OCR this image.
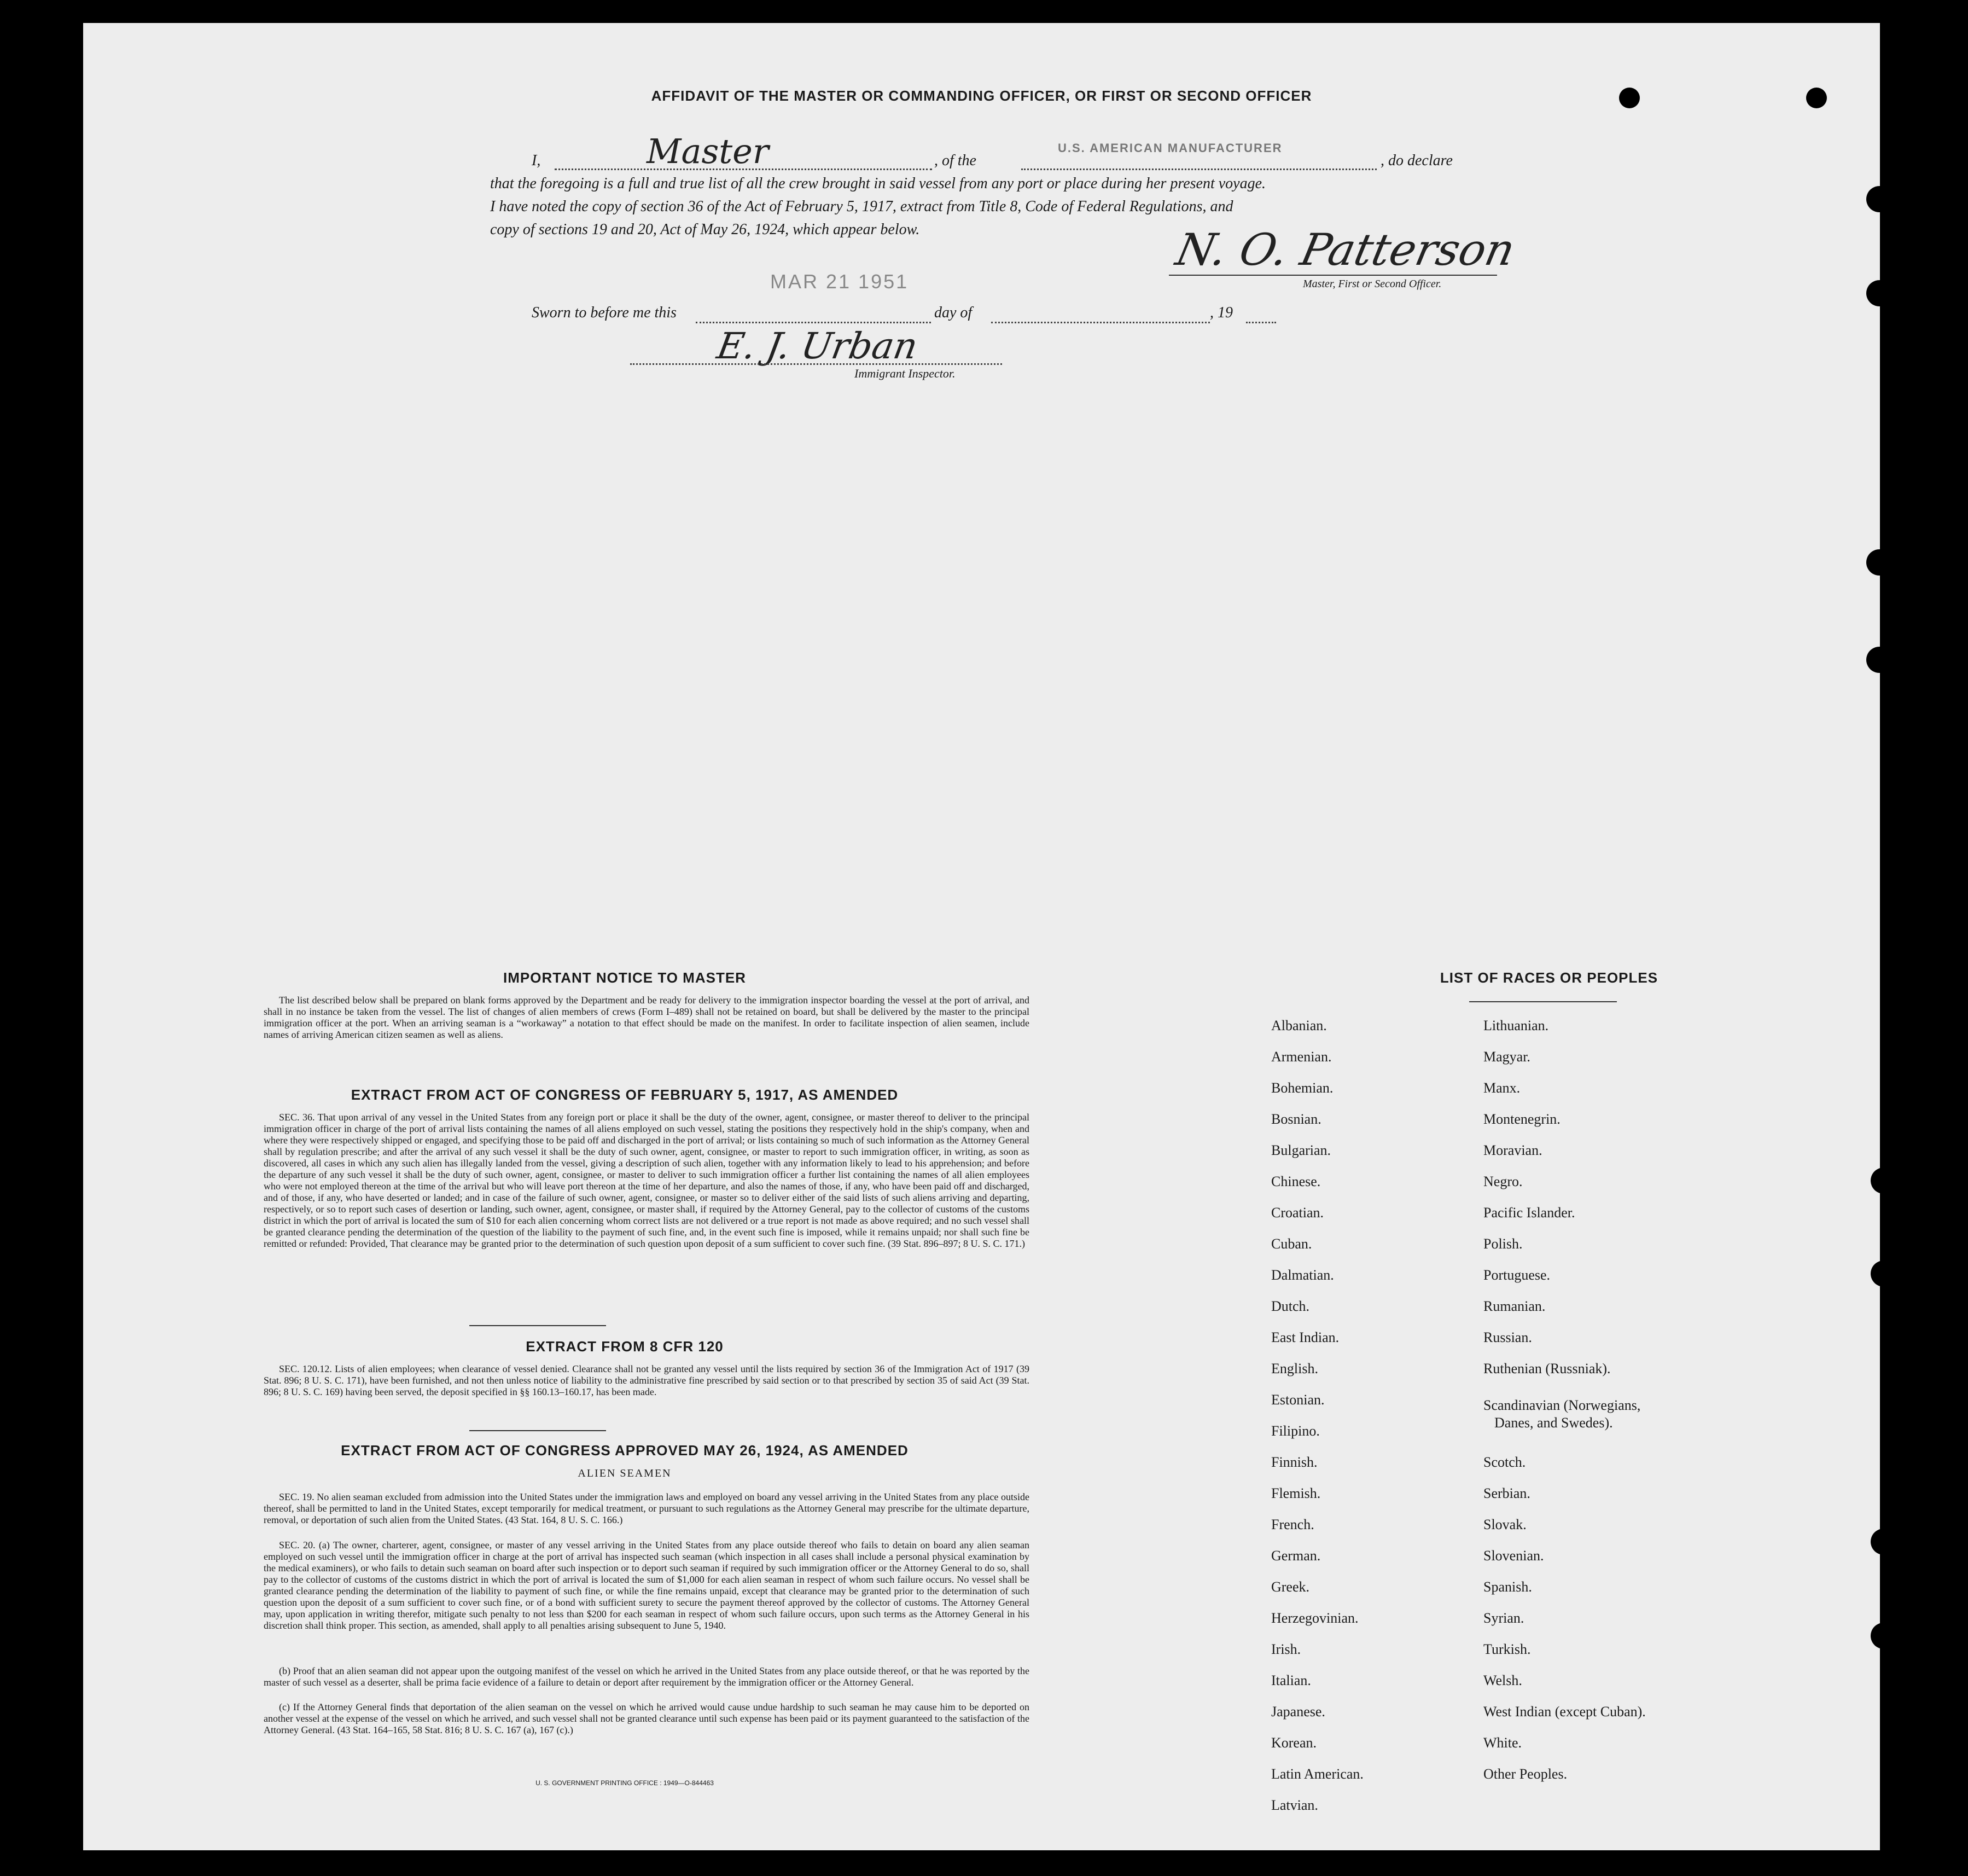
AFFIDAVIT OF THE MASTER OR COMMANDING OFFICER, OR FIRST OR SECOND OFFICER
I,	Master	, of the
U.S. AMERICAN MANUFACTURER
, do declare
that the foregoing is a full and true list of all the crew brought in said vessel from any port or place during her present voyage.
I have noted the copy of section 36 of the Act of February 5, 1917, extract from Title 8, Code of Federal Regulations, and
copy of sections 19 and 20, Act of May 26, 1924, which appear below.	N. O. Patterson
Master, First or Second Officer.
Sworn to before me this
MAR 21 1951
day of	, 19
E. J. Urban
Immigrant Inspector.
IMPORTANT NOTICE TO MASTER
The list described below shall be prepared on blank forms approved by the Department and be ready for delivery to the immigration inspector boarding the vessel at the port of arrival, and shall in no instance be taken from the vessel. The list of changes of alien members of crews (Form I–489) shall not be retained on board, but shall be delivered by the master to the principal immigration officer at the port. When an arriving seaman is a “workaway” a notation to that effect should be made on the manifest. In order to facilitate inspection of alien seamen, include names of arriving American citizen seamen as well as aliens.
EXTRACT FROM ACT OF CONGRESS OF FEBRUARY 5, 1917, AS AMENDED
SEC. 36. That upon arrival of any vessel in the United States from any foreign port or place it shall be the duty of the owner, agent, consignee, or master thereof to deliver to the principal immigration officer in charge of the port of arrival lists containing the names of all aliens employed on such vessel, stating the positions they respectively hold in the ship's company, when and where they were respectively shipped or engaged, and specifying those to be paid off and discharged in the port of arrival; or lists containing so much of such information as the Attorney General shall by regulation prescribe; and after the arrival of any such vessel it shall be the duty of such owner, agent, consignee, or master to report to such immigration officer, in writing, as soon as discovered, all cases in which any such alien has illegally landed from the vessel, giving a description of such alien, together with any information likely to lead to his apprehension; and before the departure of any such vessel it shall be the duty of such owner, agent, consignee, or master to deliver to such immigration officer a further list containing the names of all alien employees who were not employed thereon at the time of the arrival but who will leave port thereon at the time of her departure, and also the names of those, if any, who have been paid off and discharged, and of those, if any, who have deserted or landed; and in case of the failure of such owner, agent, consignee, or master so to deliver either of the said lists of such aliens arriving and departing, respectively, or so to report such cases of desertion or landing, such owner, agent, consignee, or master shall, if required by the Attorney General, pay to the collector of customs of the customs district in which the port of arrival is located the sum of $10 for each alien concerning whom correct lists are not delivered or a true report is not made as above required; and no such vessel shall be granted clearance pending the determination of the question of the liability to the payment of such fine, and, in the event such fine is imposed, while it remains unpaid; nor shall such fine be remitted or refunded: Provided, That clearance may be granted prior to the determination of such question upon deposit of a sum sufficient to cover such fine. (39 Stat. 896–897; 8 U. S. C. 171.)
EXTRACT FROM 8 CFR 120
SEC. 120.12. Lists of alien employees; when clearance of vessel denied. Clearance shall not be granted any vessel until the lists required by section 36 of the Immigration Act of 1917 (39 Stat. 896; 8 U. S. C. 171), have been furnished, and not then unless notice of liability to the administrative fine prescribed by said section or to that prescribed by section 35 of said Act (39 Stat. 896; 8 U. S. C. 169) having been served, the deposit specified in §§ 160.13–160.17, has been made.
EXTRACT FROM ACT OF CONGRESS APPROVED MAY 26, 1924, AS AMENDED
ALIEN SEAMEN
SEC. 19. No alien seaman excluded from admission into the United States under the immigration laws and employed on board any vessel arriving in the United States from any place outside thereof, shall be permitted to land in the United States, except temporarily for medical treatment, or pursuant to such regulations as the Attorney General may prescribe for the ultimate departure, removal, or deportation of such alien from the United States. (43 Stat. 164, 8 U. S. C. 166.)
SEC. 20. (a) The owner, charterer, agent, consignee, or master of any vessel arriving in the United States from any place outside thereof who fails to detain on board any alien seaman employed on such vessel until the immigration officer in charge at the port of arrival has inspected such seaman (which inspection in all cases shall include a personal physical examination by the medical examiners), or who fails to detain such seaman on board after such inspection or to deport such seaman if required by such immigration officer or the Attorney General to do so, shall pay to the collector of customs of the customs district in which the port of arrival is located the sum of $1,000 for each alien seaman in respect of whom such failure occurs. No vessel shall be granted clearance pending the determination of the liability to payment of such fine, or while the fine remains unpaid, except that clearance may be granted prior to the determination of such question upon the deposit of a sum sufficient to cover such fine, or of a bond with sufficient surety to secure the payment thereof approved by the collector of customs. The Attorney General may, upon application in writing therefor, mitigate such penalty to not less than $200 for each seaman in respect of whom such failure occurs, upon such terms as the Attorney General in his discretion shall think proper. This section, as amended, shall apply to all penalties arising subsequent to June 5, 1940.
(b) Proof that an alien seaman did not appear upon the outgoing manifest of the vessel on which he arrived in the United States from any place outside thereof, or that he was reported by the master of such vessel as a deserter, shall be prima facie evidence of a failure to detain or deport after requirement by the immigration officer or the Attorney General.
(c) If the Attorney General finds that deportation of the alien seaman on the vessel on which he arrived would cause undue hardship to such seaman he may cause him to be deported on another vessel at the expense of the vessel on which he arrived, and such vessel shall not be granted clearance until such expense has been paid or its payment guaranteed to the satisfaction of the Attorney General. (43 Stat. 164–165, 58 Stat. 816; 8 U. S. C. 167 (a), 167 (c).)
U. S. GOVERNMENT PRINTING OFFICE : 1949—O-844463
LIST OF RACES OR PEOPLES
Albanian.
Armenian.
Bohemian.
Bosnian.
Bulgarian.
Chinese.
Croatian.
Cuban.
Dalmatian.
Dutch.
East Indian.
English.
Estonian.
Filipino.
Finnish.
Flemish.
French.
German.
Greek.
Herzegovinian.
Irish.
Italian.
Japanese.
Korean.
Latin American.
Latvian.
Lithuanian.
Magyar.
Manx.
Montenegrin.
Moravian.
Negro.
Pacific Islander.
Polish.
Portuguese.
Rumanian.
Russian.
Ruthenian (Russniak).
Scandinavian (Norwegians,
Danes, and Swedes).
Scotch.
Serbian.
Slovak.
Slovenian.
Spanish.
Syrian.
Turkish.
Welsh.
West Indian (except Cuban).
White.
Other Peoples.
